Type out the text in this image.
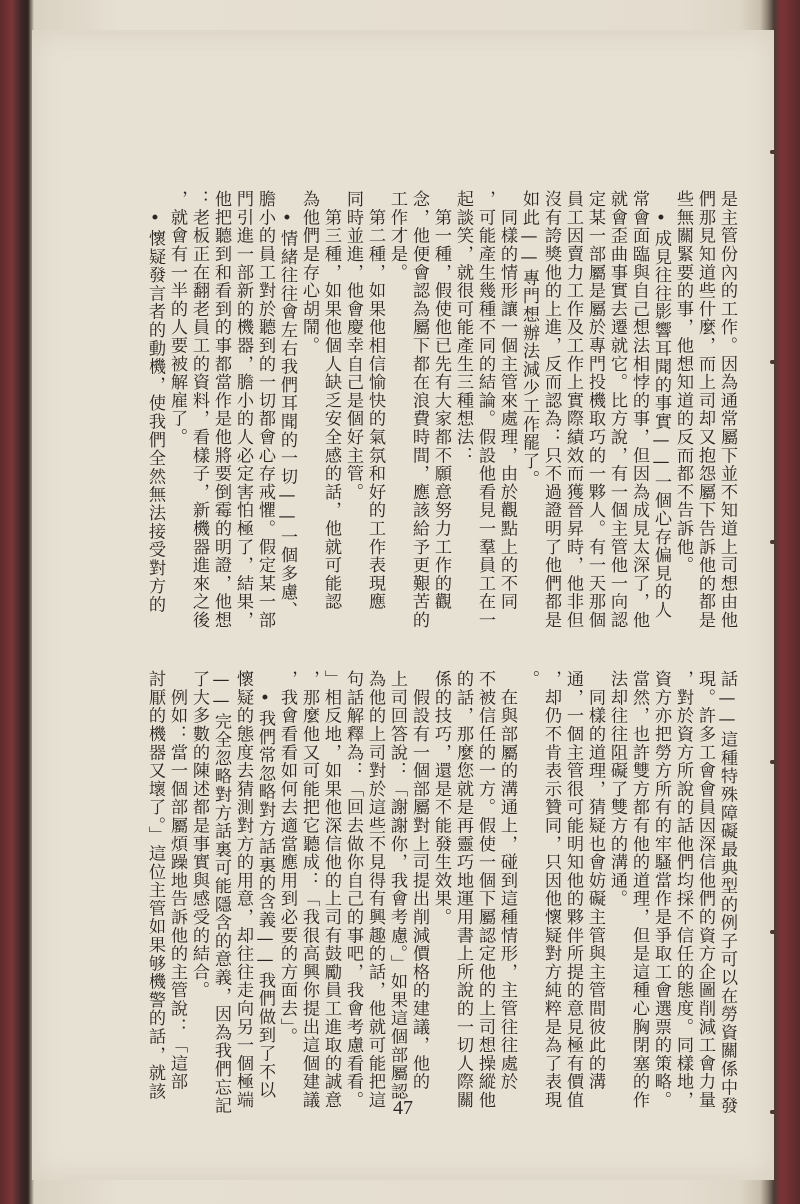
是主管份內的工作。因為通常屬下並不知道上司想由他
們那見知道些什麼，而上司却又抱怨屬下告訴他的都是
些無關緊要的事，他想知道的反而都不告訴他。
　•成見往往影響耳聞的事實——一個心存偏見的人
常會面臨與自己想法相悖的事，但因為成見太深了，他
就會歪曲事實去遷就它。比方說，有一個主管他一向認
定某一部屬是屬於專門投機取巧的一夥人。有一天那個
員工因賣力工作及工作上實際績效而獲晉昇時，他非但
沒有誇獎他的上進，反而認為：只不過證明了他們都是
如此——專門想辦法減少工作罷了。
　同樣的情形讓一個主管來處理，由於觀點上的不同
，可能產生幾種不同的結論。假設他看見一羣員工在一
起談笑，就很可能產生三種想法：
　第一種，假使他已先有大家都不願意努力工作的觀
念，他便會認為屬下都在浪費時間，應該給予更艱苦的
工作才是。
　第二種，如果他相信愉快的氣氛和好的工作表現應
同時並進，他會慶幸自己是個好主管。
　第三種，如果他個人缺乏安全感的話，他就可能認
為他們是存心胡鬧。
　•情緒往往會左右我們耳聞的一切——一個多慮、
膽小的員工對於聽到的一切都會心存戒懼。假定某一部
門引進一部新的機器，膽小的人必定害怕極了，結果，
他把聽到和看到的事都當作是他將要倒霉的明證，他想
：老板正在翻老員工的資料，看樣子，新機器進來之後
，就會有一半的人要被解雇了。
　•懷疑發言者的動機，使我們全然無法接受對方的
話——這種特殊障礙最典型的例子可以在勞資關係中發
現。許多工會會員因深信他們的資方企圖削減工會力量
，對於資方所說的話他們均採不信任的態度。同樣地，
資方亦把勞方所有的牢騷當作是爭取工會選票的策略。
當然，也許雙方都有他的道理，但是這種心胸閉塞的作
法却往往阻礙了雙方的溝通。
　同樣的道理，猜疑也會妨礙主管與主管間彼此的溝
通，一個主管很可能明知他的夥伴所提的意見極有價值
，却仍不肯表示贊同，只因他懷疑對方純粹是為了表現
。
　在與部屬的溝通上，碰到這種情形，主管往往處於
不被信任的一方。假使一個下屬認定他的上司想操縱他
的話，那麼您就是再靈巧地運用書上所說的一切人際關
係的技巧，還是不能發生效果。
　假設有一個部屬對上司提出削減價格的建議，他的
上司回答說：「謝謝你，我會考慮。」如果這個部屬認
為他的上司對於這些不見得有興趣的話，他就可能把這
句話解釋為：「回去做你自己的事吧，我會考慮看看。
」相反地，如果他深信他的上司有鼓勵員工進取的誠意
，那麼他又可能把它聽成：「我很高興你提出這個建議
，我會看看如何去適當應用到必要的方面去」。
　•我們常忽略對方話裏的含義——我們做到了不以
懷疑的態度去猜測對方的用意，却往往走向另一個極端
——完全忽略對方話裏可能隱含的意義，因為我們忘記
了大多數的陳述都是事實與感受的結合。
　例如：當一個部屬煩躁地告訴他的主管說：「這部
討厭的機器又壞了。」這位主管如果够機警的話，就該
47
